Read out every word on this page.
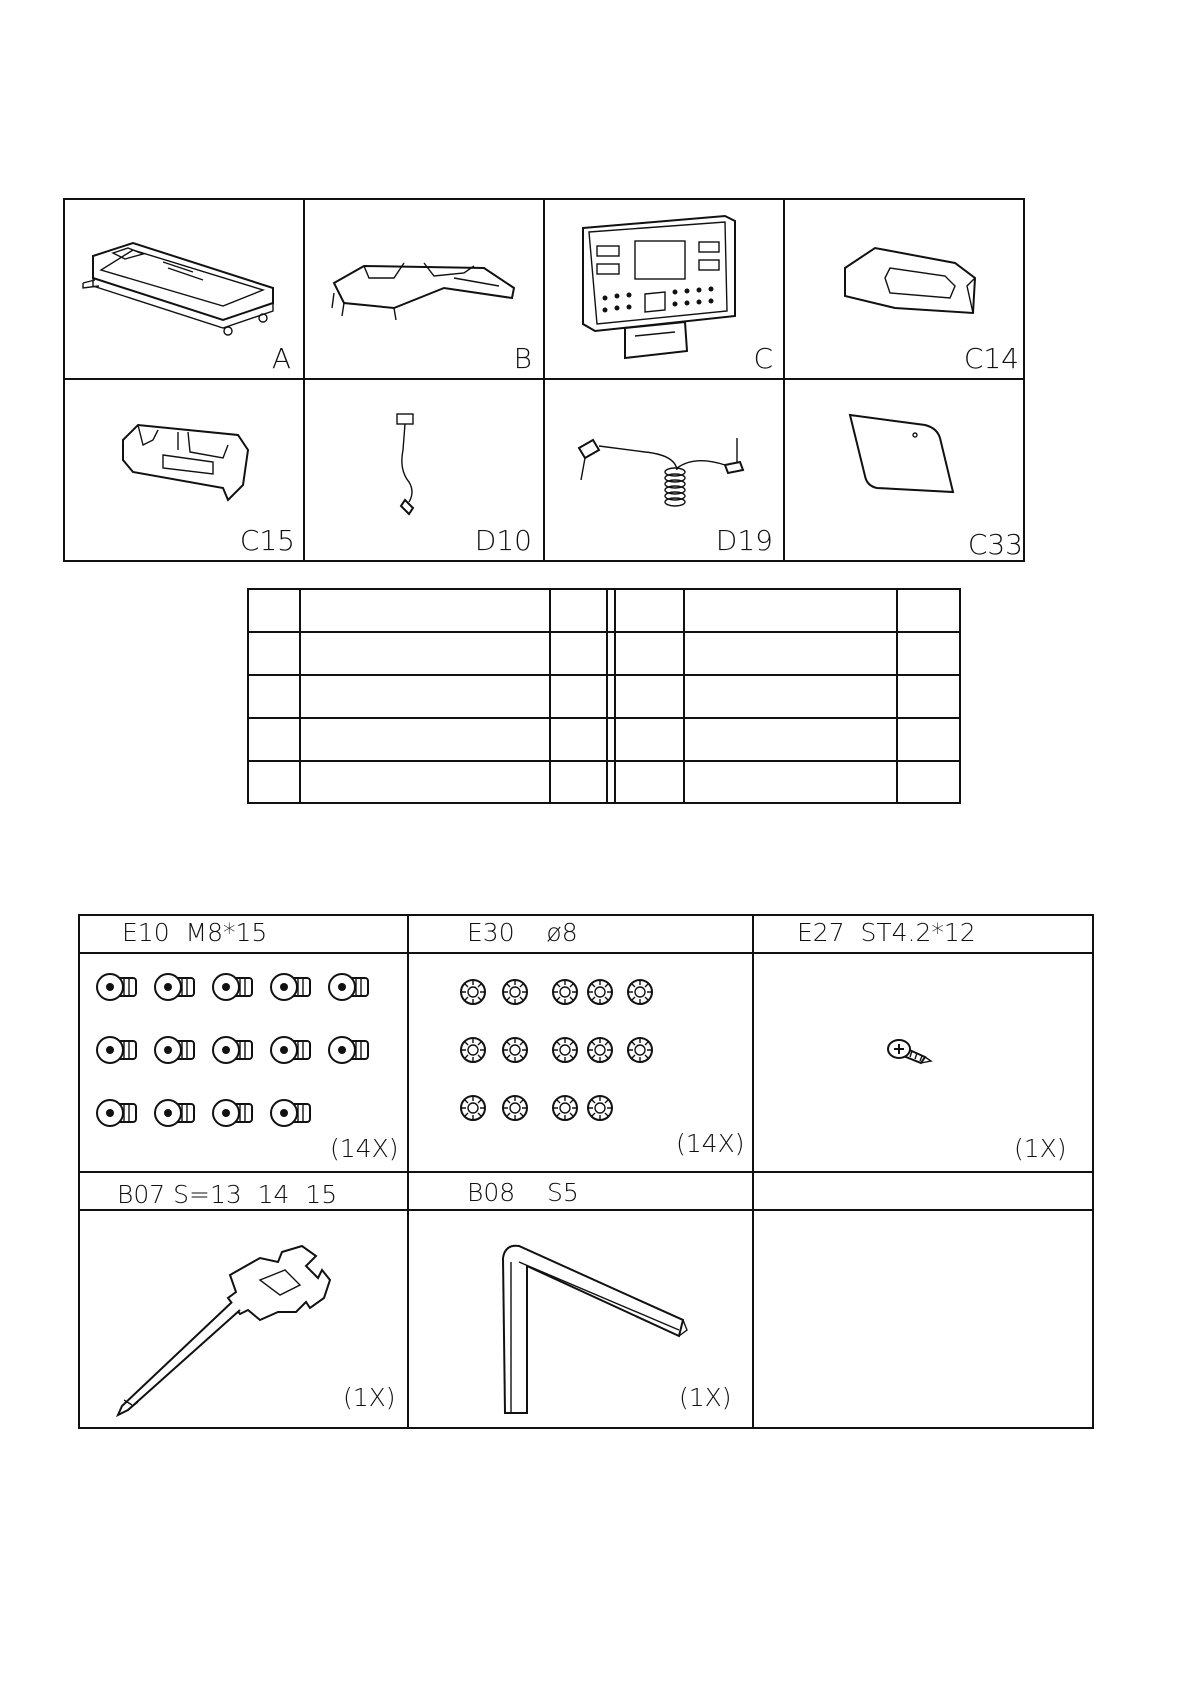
A	B	C	C14
C15	D10	D19	C33
E10  M8*15	E30    ø8	E27  ST4.2*12
(14X)	(14X)	(1X)
B07 S=13  14  15	B08    S5
(1X)	(1X)
